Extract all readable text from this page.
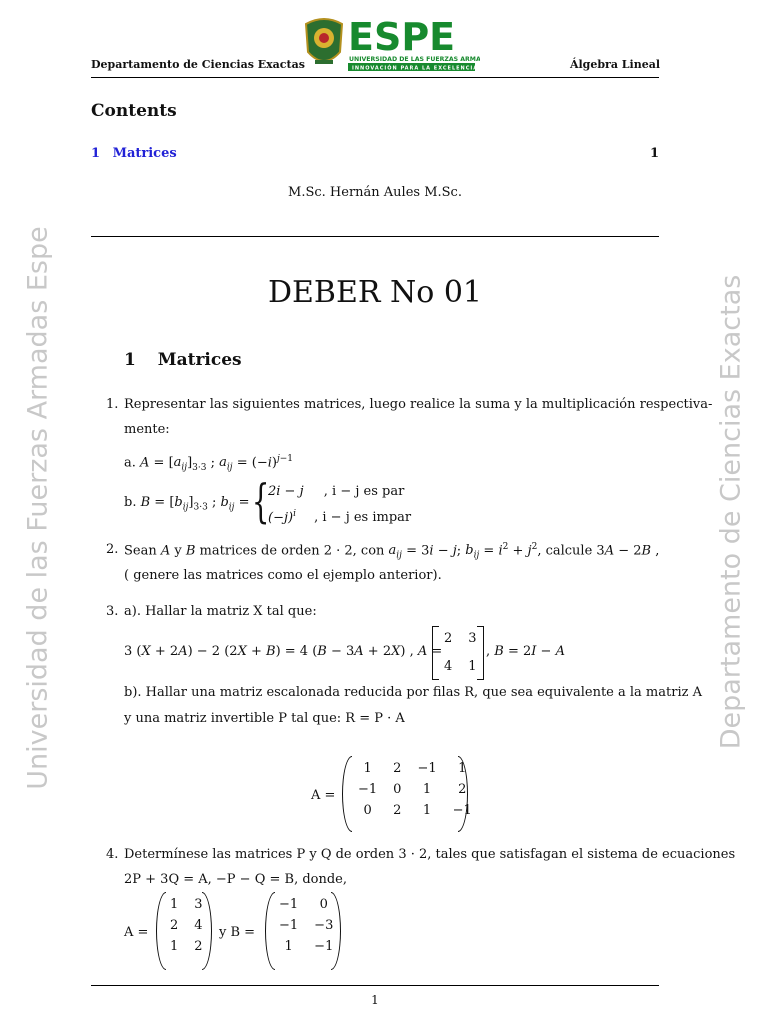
Departamento de Ciencias Exactas	Álgebra Lineal
ESPE
UNIVERSIDAD DE LAS FUERZAS ARMA
INNOVACIÓN PARA LA EXCELENCIA
Contents
1 Matrices	1
M.Sc. Hernán Aules M.Sc.
Universidad de las Fuerzas Armadas Espe	Departamento de Ciencias Exactas
DEBER No 01
1 Matrices
1. Representar las siguientes matrices, luego realice la suma y la multiplicación respectiva-
mente:
a. $A = [a_{ij}]_{3\cdot 3}$ ; $a_{ij} = (-i)^{j-1}$
b. $B = [b_{ij}]_{3\cdot 3}$ ; $b_{ij}$ = {
2i − j , i − j es par
$(-j)^i$ , i − j es impar
2. Sean A y B matrices de orden 2 · 2, con $a_{ij} = 3i - j$; $b_{ij} = i^2 + j^2$, calcule 3A − 2B ,
( genere las matrices como el ejemplo anterior).
3. a). Hallar la matriz X tal que:
3 (X + 2A) − 2 (2X + B) = 4 (B − 3A + 2X) , A =
2	3
4	1
, B = 2I − A
b). Hallar una matriz escalonada reducida por filas R, que sea equivalente a la matriz A
y una matriz invertible P tal que: R = P · A
A =
1	2	−1	1
−1	0	1	2
0	2	1	−1
4. Determínese las matrices P y Q de orden 3 · 2, tales que satisfagan el sistema de ecuaciones
2P + 3Q = A, −P − Q = B, donde,
A =
1	3
2	4
1	2
y B =
−1	0
−1	−3
1	−1
1
